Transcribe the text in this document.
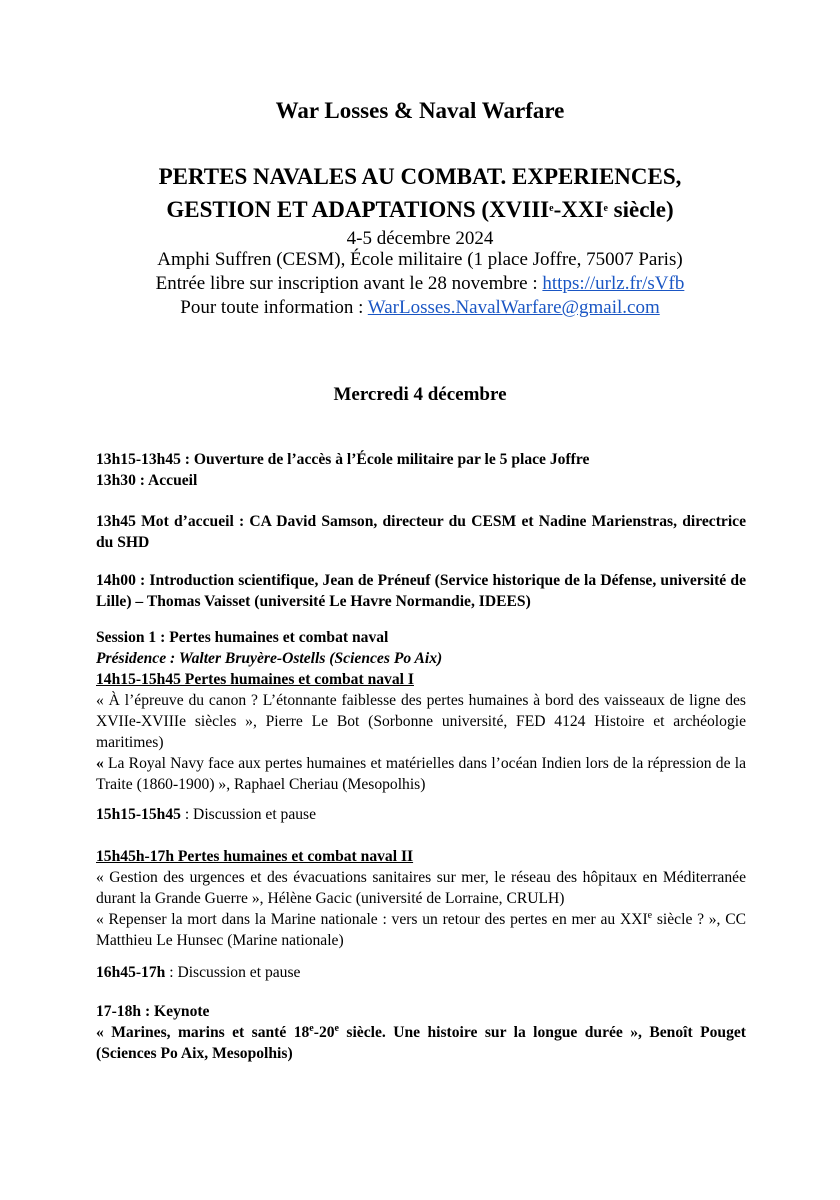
War Losses & Naval Warfare
PERTES NAVALES AU COMBAT. EXPERIENCES,
GESTION ET ADAPTATIONS (XVIIIe-XXIe siècle)
4-5 décembre 2024
Amphi Suffren (CESM), École militaire (1 place Joffre, 75007 Paris)
Entrée libre sur inscription avant le 28 novembre : https://urlz.fr/sVfb
Pour toute information : WarLosses.NavalWarfare@gmail.com
Mercredi 4 décembre
13h15-13h45 : Ouverture de l’accès à l’École militaire par le 5 place Joffre
13h30 : Accueil
13h45 Mot d’accueil : CA David Samson, directeur du CESM et Nadine Marienstras, directrice du SHD
14h00 : Introduction scientifique, Jean de Préneuf (Service historique de la Défense, université de Lille) – Thomas Vaisset (université Le Havre Normandie, IDEES)
Session 1 : Pertes humaines et combat naval
Présidence : Walter Bruyère-Ostells (Sciences Po Aix)
14h15-15h45 Pertes humaines et combat naval I
« À l’épreuve du canon ? L’étonnante faiblesse des pertes humaines à bord des vaisseaux de ligne des XVIIe-XVIIIe siècles », Pierre Le Bot (Sorbonne université, FED 4124 Histoire et archéologie maritimes)
« La Royal Navy face aux pertes humaines et matérielles dans l’océan Indien lors de la répression de la Traite (1860-1900) », Raphael Cheriau (Mesopolhis)
15h15-15h45 : Discussion et pause
15h45h-17h Pertes humaines et combat naval II
« Gestion des urgences et des évacuations sanitaires sur mer, le réseau des hôpitaux en Méditerranée durant la Grande Guerre », Hélène Gacic (université de Lorraine, CRULH)
« Repenser la mort dans la Marine nationale : vers un retour des pertes en mer au XXIe siècle ? », CC Matthieu Le Hunsec (Marine nationale)
16h45-17h : Discussion et pause
17-18h : Keynote
« Marines, marins et santé 18e-20e siècle. Une histoire sur la longue durée », Benoît Pouget (Sciences Po Aix, Mesopolhis)
